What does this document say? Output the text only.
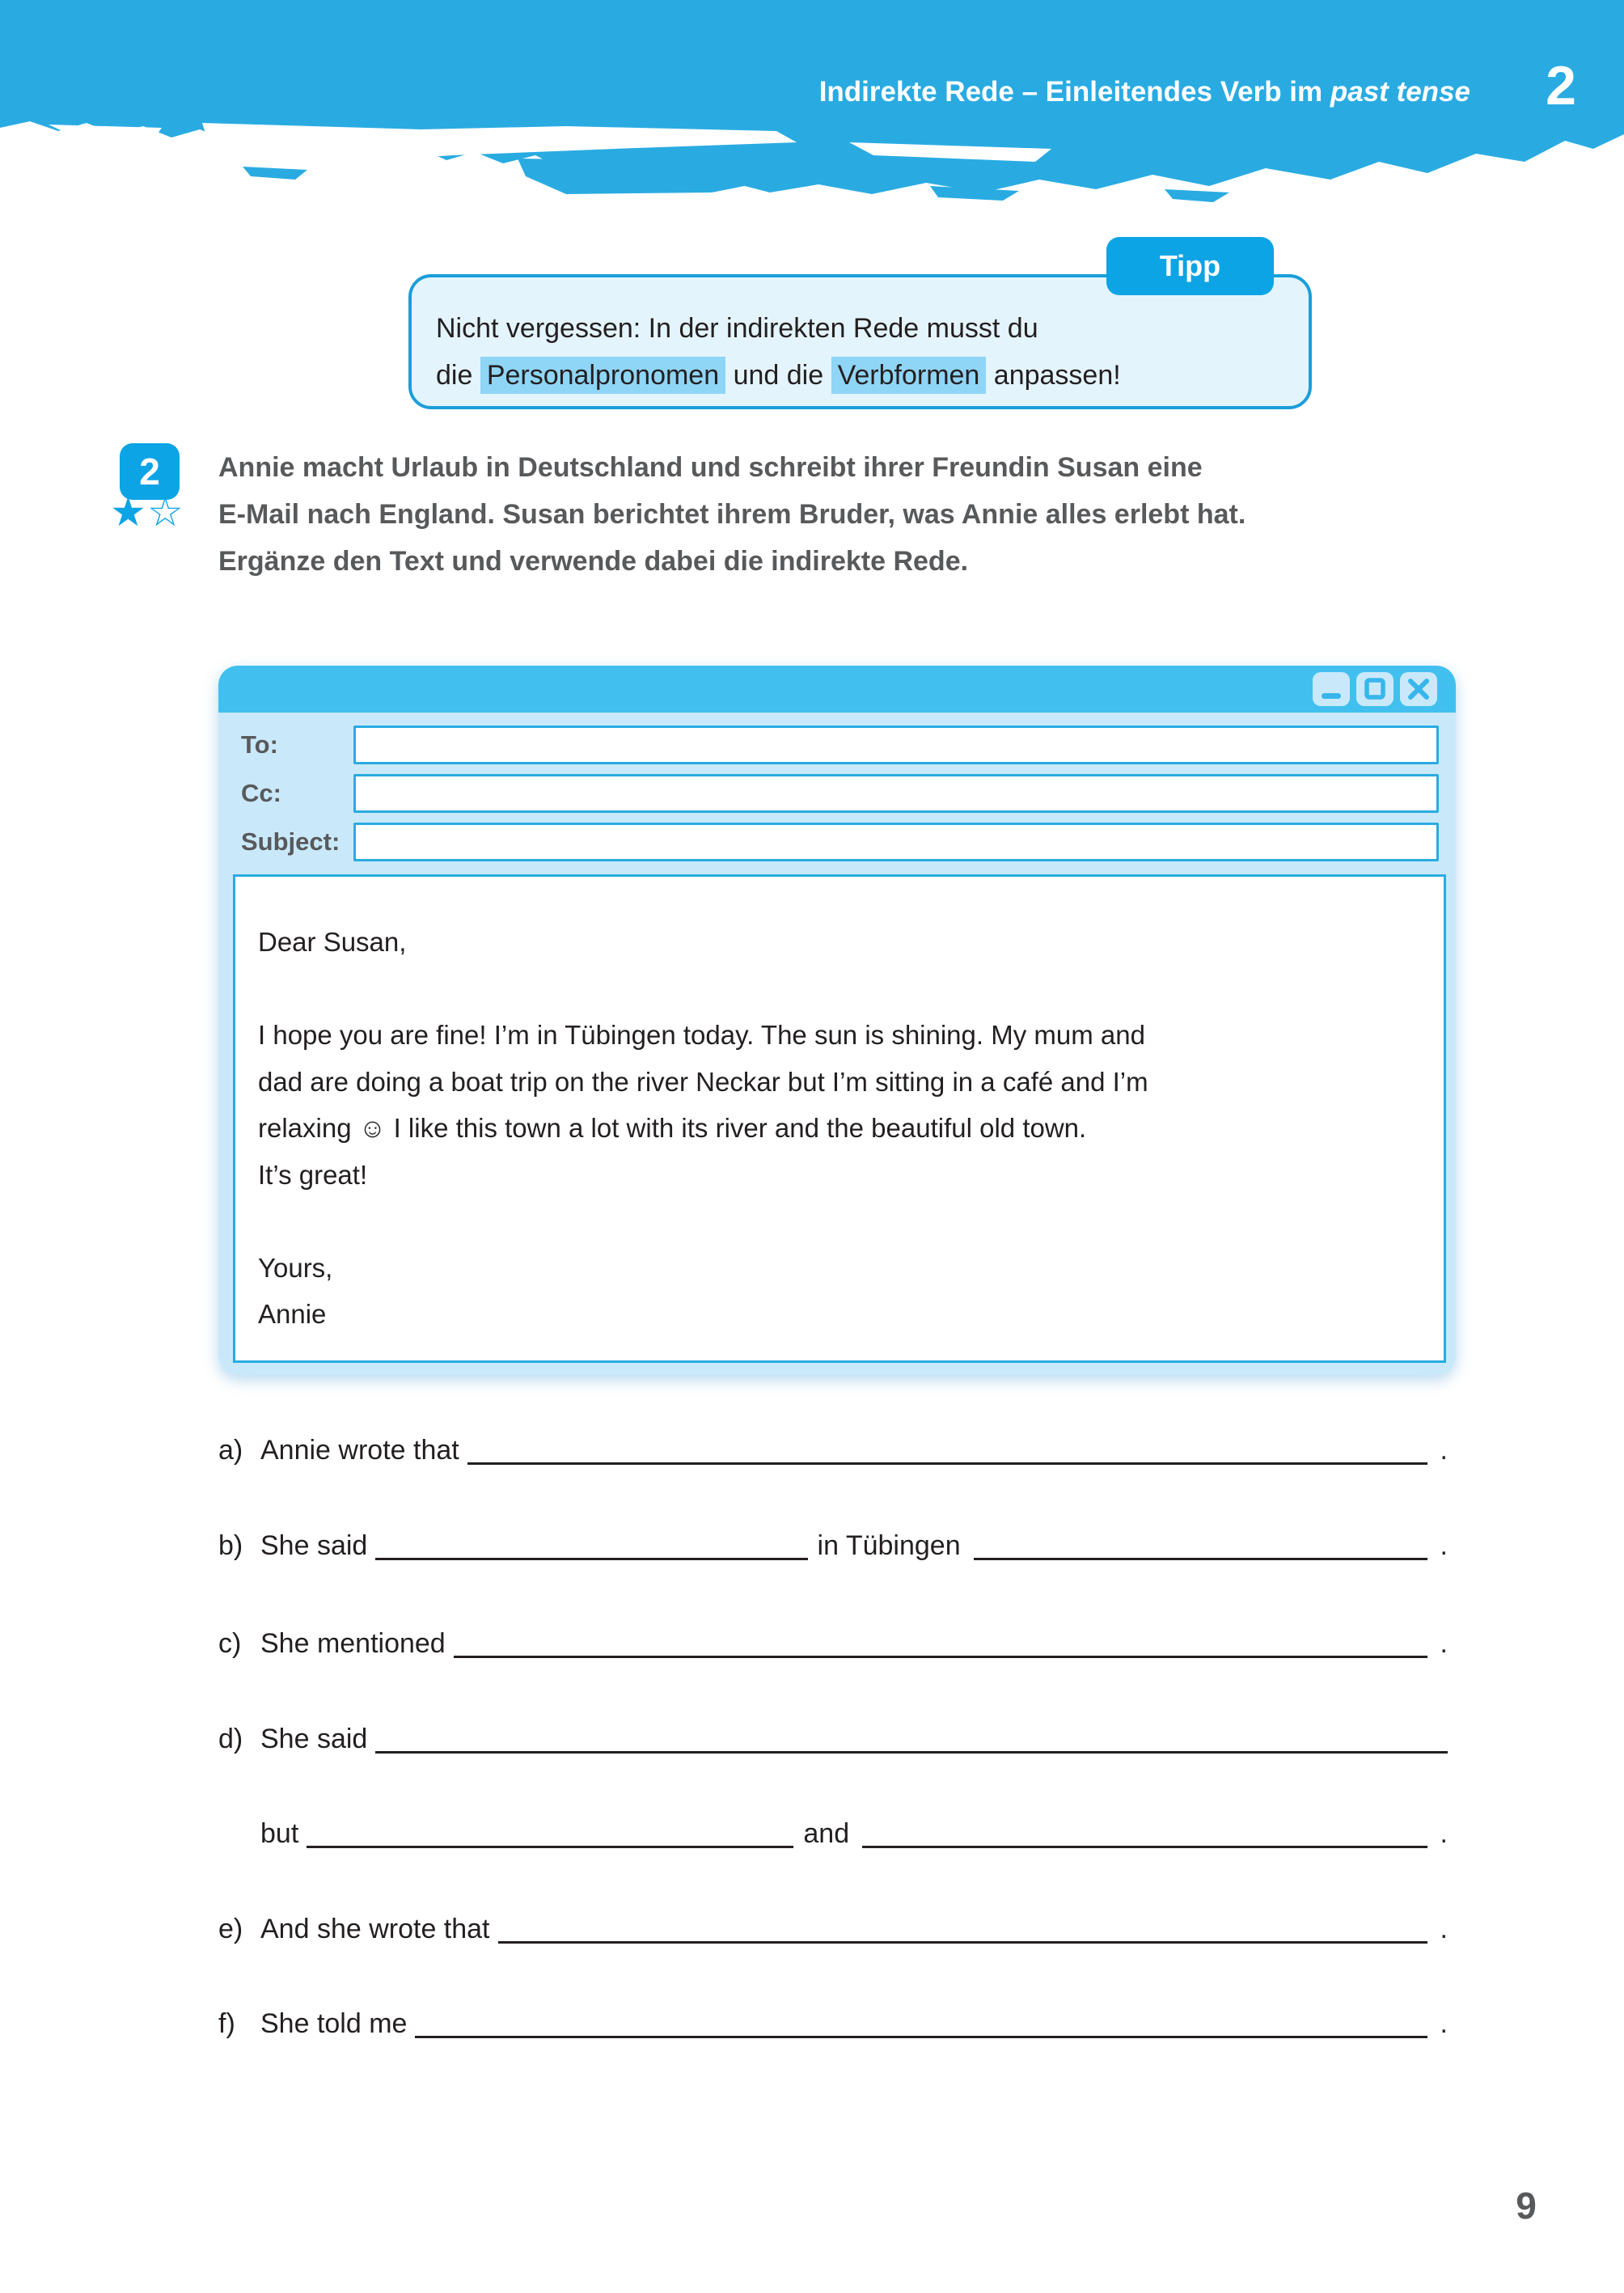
Indirekte Rede – Einleitendes Verb im past tense 2
Nicht vergessen: In der indirekten Rede musst du
die Personalpronomen und die Verbformen anpassen!
Tipp
2
★☆
Annie macht Urlaub in Deutschland und schreibt ihrer Freundin Susan eine
E-Mail nach England. Susan berichtet ihrem Bruder, was Annie alles erlebt hat.
Ergänze den Text und verwende dabei die indirekte Rede.
To:
Cc:
Subject:
Dear Susan,
I hope you are fine! I’m in Tübingen today. The sun is shining. My mum and
dad are doing a boat trip on the river Neckar but I’m sitting in a café and I’m
relaxing ☺ I like this town a lot with its river and the beautiful old town.
It’s great!
Yours,
Annie
a) Annie wrote that	.
b) She said	in Tübingen	.
c) She mentioned	.
d) She said
but	and	.
e) And she wrote that	.
f) She told me	.
9
